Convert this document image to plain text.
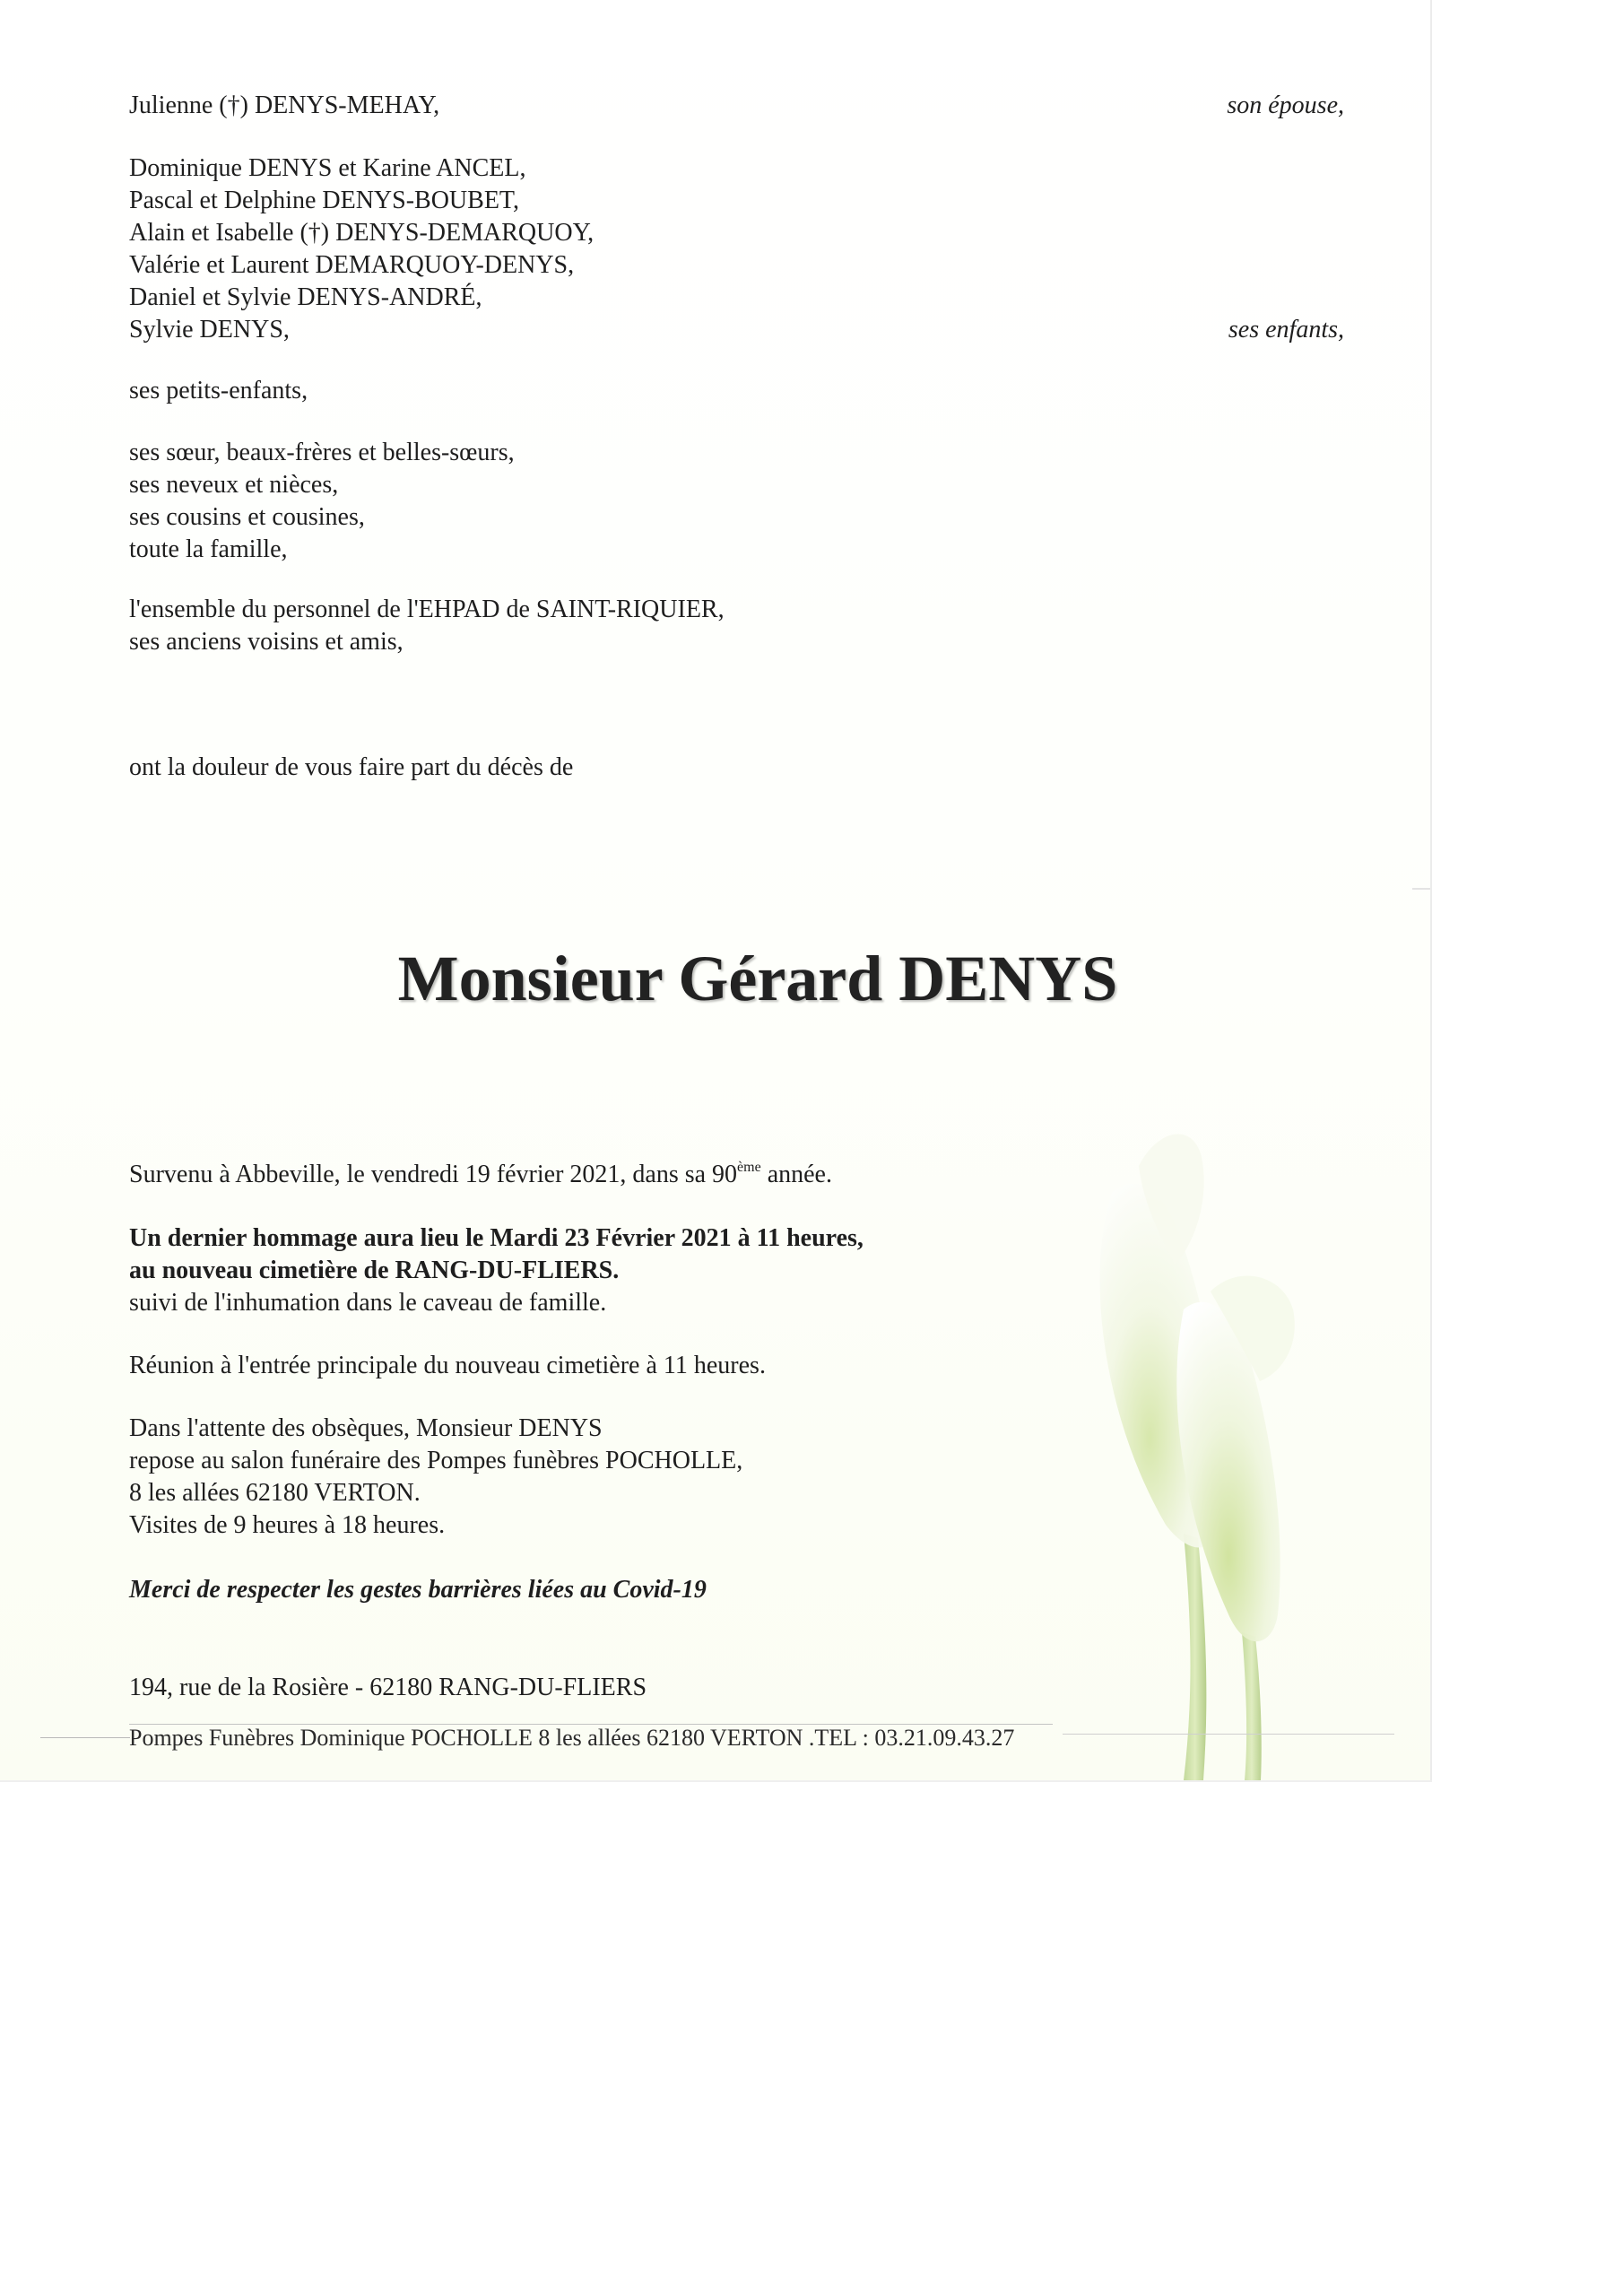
Julienne (†) DENYS-MEHAY,	son épouse,
Dominique DENYS et Karine ANCEL,
Pascal et Delphine DENYS-BOUBET,
Alain et Isabelle (†) DENYS-DEMARQUOY,
Valérie et Laurent DEMARQUOY-DENYS,
Daniel et Sylvie DENYS-ANDRÉ,
Sylvie DENYS,	ses enfants,
ses petits-enfants,
ses sœur, beaux-frères et belles-sœurs,
ses neveux et nièces,
ses cousins et cousines,
toute la famille,
l'ensemble du personnel de l'EHPAD de SAINT-RIQUIER,
ses anciens voisins et amis,
ont la douleur de vous faire part du décès de
Monsieur Gérard DENYS
Survenu à Abbeville, le vendredi 19 février 2021, dans sa 90ème année.
Un dernier hommage aura lieu le Mardi 23 Février 2021 à 11 heures,
au nouveau cimetière de RANG-DU-FLIERS.
suivi de l'inhumation dans le caveau de famille.
Réunion à l'entrée principale du nouveau cimetière à 11 heures.
Dans l'attente des obsèques, Monsieur DENYS
repose au salon funéraire des Pompes funèbres POCHOLLE,
8 les allées 62180 VERTON.
Visites de 9 heures à 18 heures.
Merci de respecter les gestes barrières liées au Covid-19
194, rue de la Rosière - 62180 RANG-DU-FLIERS
Pompes Funèbres Dominique POCHOLLE 8 les allées 62180 VERTON .TEL : 03.21.09.43.27
